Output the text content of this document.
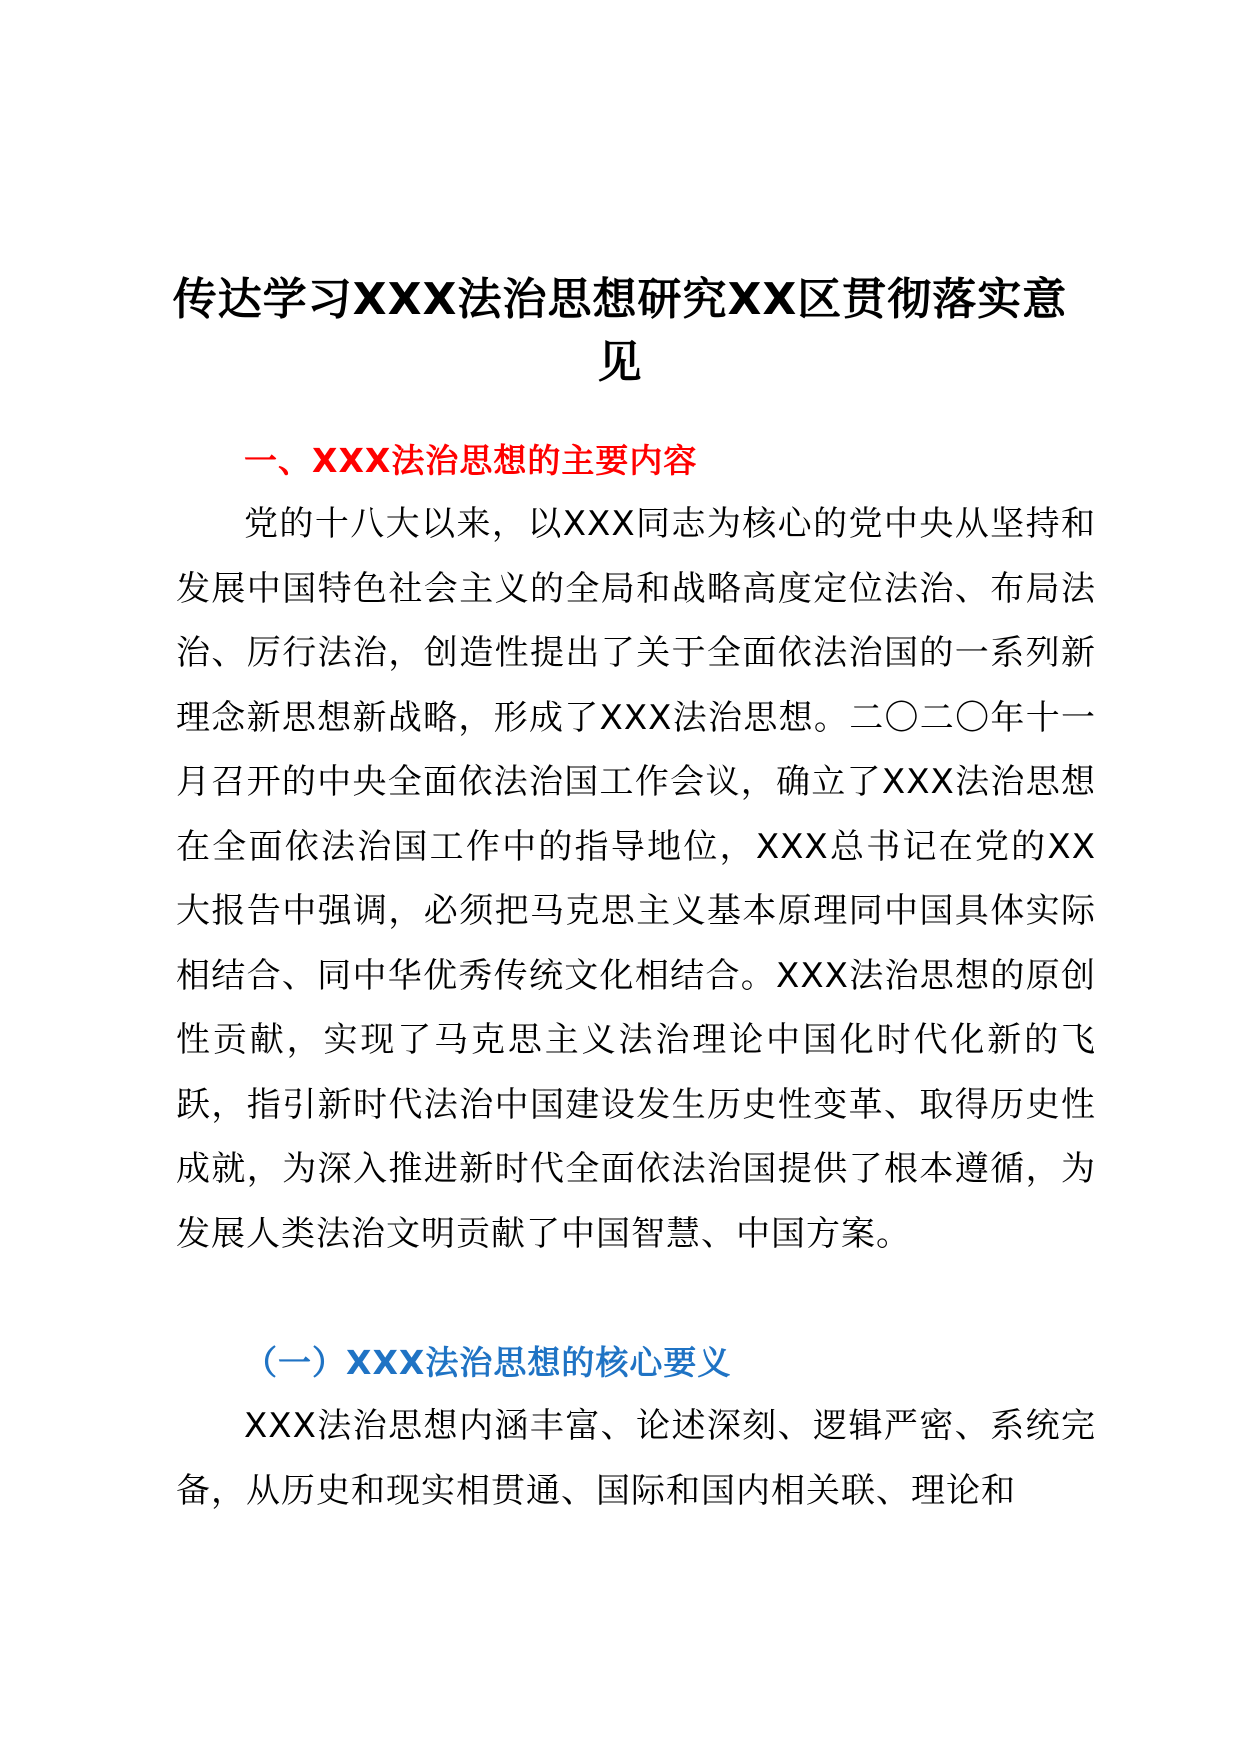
传达学习XXX法治思想研究XX区贯彻落实意见
一、XXX法治思想的主要内容

党的十八大以来，以XXX同志为核心的党中央从坚持和发展中国特色社会主义的全局和战略高度定位法治、布局法治、厉行法治，创造性提出了关于全面依法治国的一系列新理念新思想新战略，形成了XXX法治思想。二〇二〇年十一月召开的中央全面依法治国工作会议，确立了XXX法治思想在全面依法治国工作中的指导地位，XXX总书记在党的XX大报告中强调，必须把马克思主义基本原理同中国具体实际相结合、同中华优秀传统文化相结合。XXX法治思想的原创性贡献，实现了马克思主义法治理论中国化时代化新的飞跃，指引新时代法治中国建设发生历史性变革、取得历史性成就，为深入推进新时代全面依法治国提供了根本遵循，为发展人类法治文明贡献了中国智慧、中国方案。

（一）XXX法治思想的核心要义

XXX法治思想内涵丰富、论述深刻、逻辑严密、系统完备，从历史和现实相贯通、国际和国内相关联、理论和
